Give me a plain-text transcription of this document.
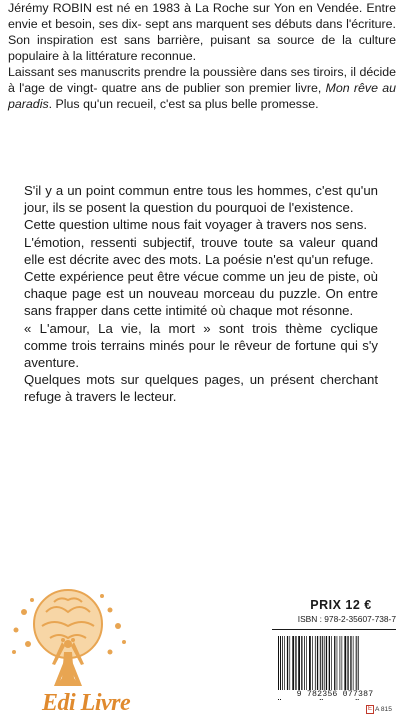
Jérémy ROBIN est né en 1983 à La Roche sur Yon en Vendée. Entre envie et besoin, ses dix- sept ans marquent ses débuts dans l'écriture. Son inspiration est sans barrière, puisant sa source de la culture populaire à la littérature reconnue.

Laissant ses manuscrits prendre la poussière dans ses tiroirs, il décide à l'age de vingt- quatre ans de publier son premier livre, Mon rêve au paradis. Plus qu'un recueil, c'est sa plus belle promesse.

S'il y a un point commun entre tous les hommes, c'est qu'un jour, ils se posent la question du pourquoi de l'existence.

Cette question ultime nous fait voyager à travers nos sens.

L'émotion, ressenti subjectif, trouve toute sa valeur quand elle est décrite avec des mots. La poésie n'est qu'un refuge.

Cette expérience peut être vécue comme un jeu de piste, où chaque page est un nouveau morceau du puzzle. On entre sans frapper dans cette intimité où chaque mot résonne.

« L'amour, La vie, la mort » sont trois thème cyclique comme trois terrains minés pour le rêveur de fortune qui s'y aventure.

Quelques mots sur quelques pages, un présent cherchant refuge à travers le lecteur.

Edi Livre
PRIX 12 €
ISBN : 978-2-35607-738-7
9 782356 077387
E A 815
